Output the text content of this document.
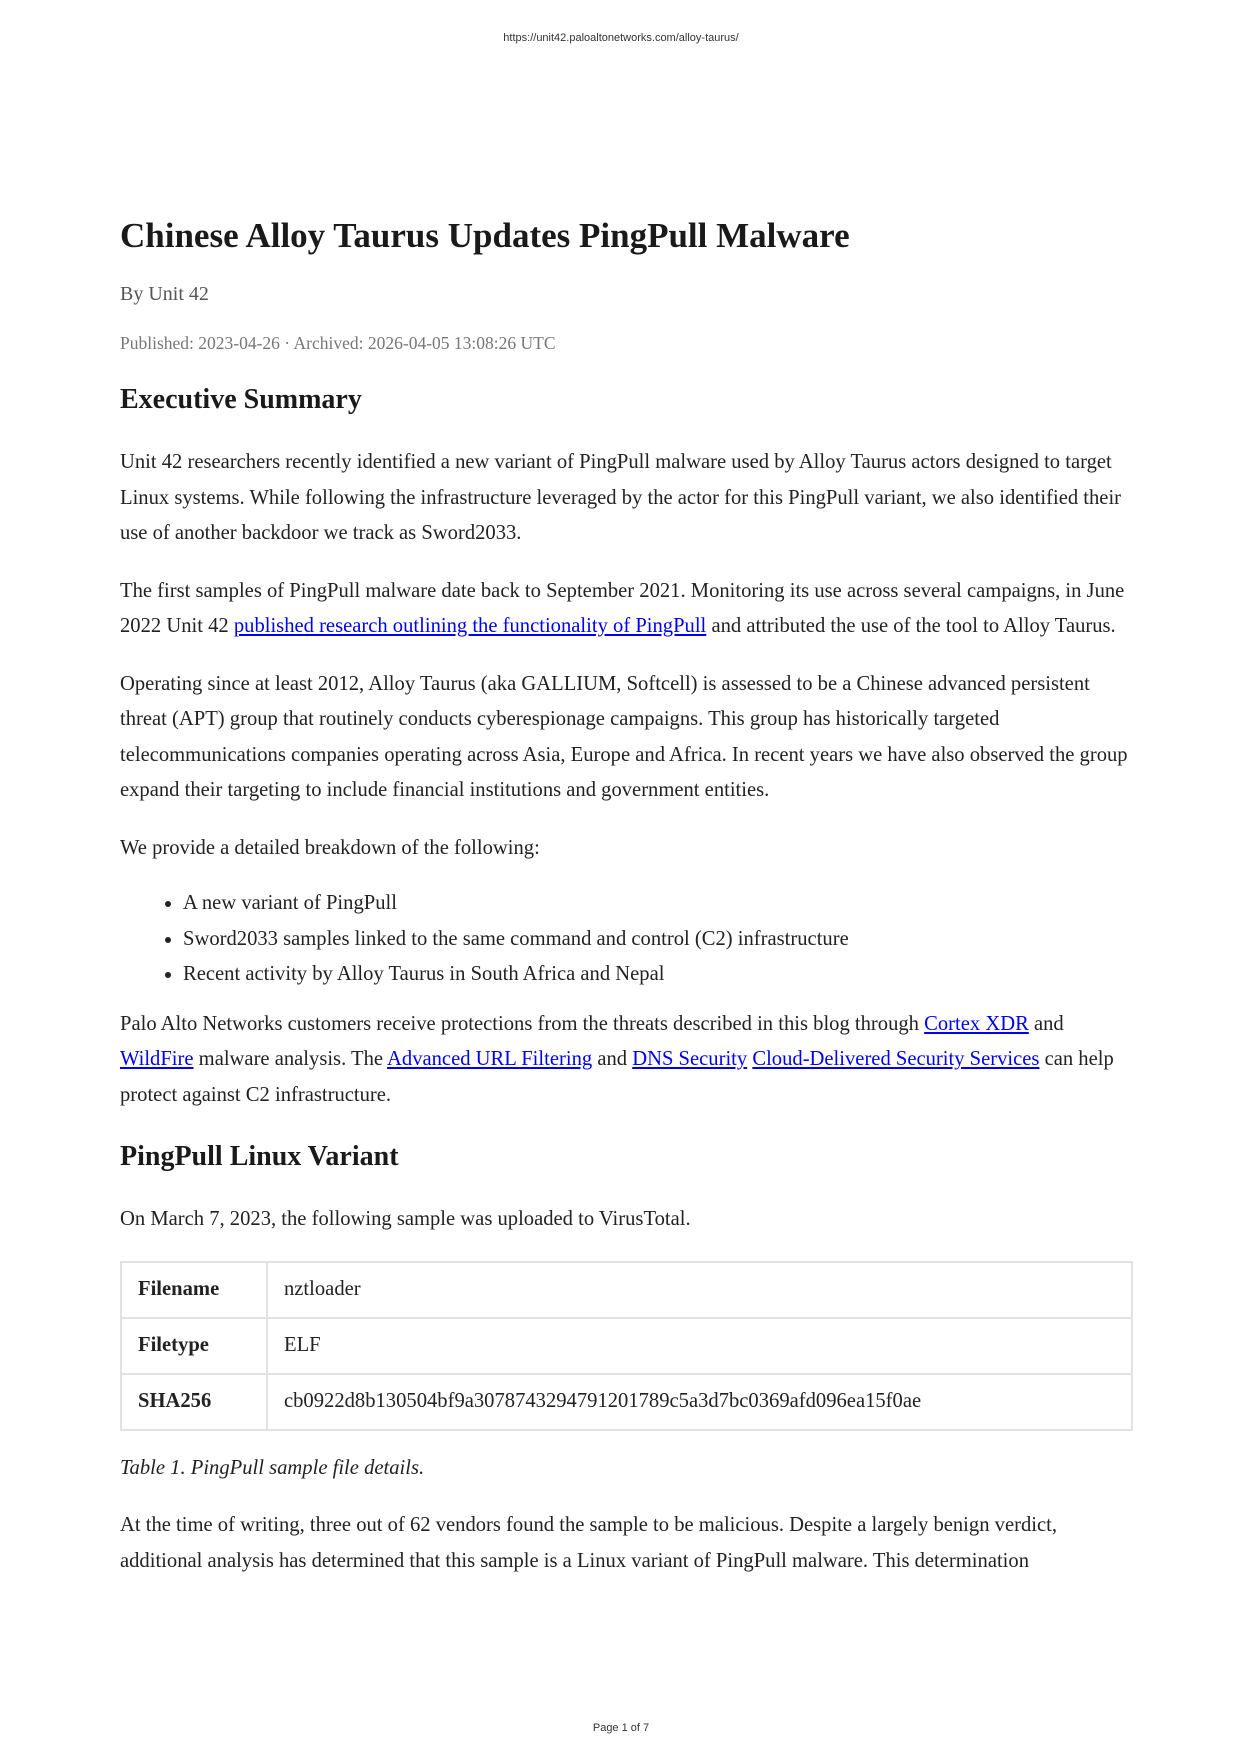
https://unit42.paloaltonetworks.com/alloy-taurus/
Chinese Alloy Taurus Updates PingPull Malware
By Unit 42
Published: 2023-04-26 · Archived: 2026-04-05 13:08:26 UTC
Executive Summary

Unit 42 researchers recently identified a new variant of PingPull malware used by Alloy Taurus actors designed to target Linux systems. While following the infrastructure leveraged by the actor for this PingPull variant, we also identified their use of another backdoor we track as Sword2033.

The first samples of PingPull malware date back to September 2021. Monitoring its use across several campaigns, in June 2022 Unit 42 published research outlining the functionality of PingPull and attributed the use of the tool to Alloy Taurus.

Operating since at least 2012, Alloy Taurus (aka GALLIUM, Softcell) is assessed to be a Chinese advanced persistent threat (APT) group that routinely conducts cyberespionage campaigns. This group has historically targeted telecommunications companies operating across Asia, Europe and Africa. In recent years we have also observed the group expand their targeting to include financial institutions and government entities.

We provide a detailed breakdown of the following:

• A new variant of PingPull
• Sword2033 samples linked to the same command and control (C2) infrastructure
• Recent activity by Alloy Taurus in South Africa and Nepal

Palo Alto Networks customers receive protections from the threats described in this blog through Cortex XDR and WildFire malware analysis. The Advanced URL Filtering and DNS Security Cloud-Delivered Security Services can help protect against C2 infrastructure.

PingPull Linux Variant

On March 7, 2023, the following sample was uploaded to VirusTotal.

Filename	nztloader
Filetype	ELF
SHA256	cb0922d8b130504bf9a3078743294791201789c5a3d7bc0369afd096ea15f0ae

Table 1. PingPull sample file details.

At the time of writing, three out of 62 vendors found the sample to be malicious. Despite a largely benign verdict, additional analysis has determined that this sample is a Linux variant of PingPull malware. This determination

Page 1 of 7
